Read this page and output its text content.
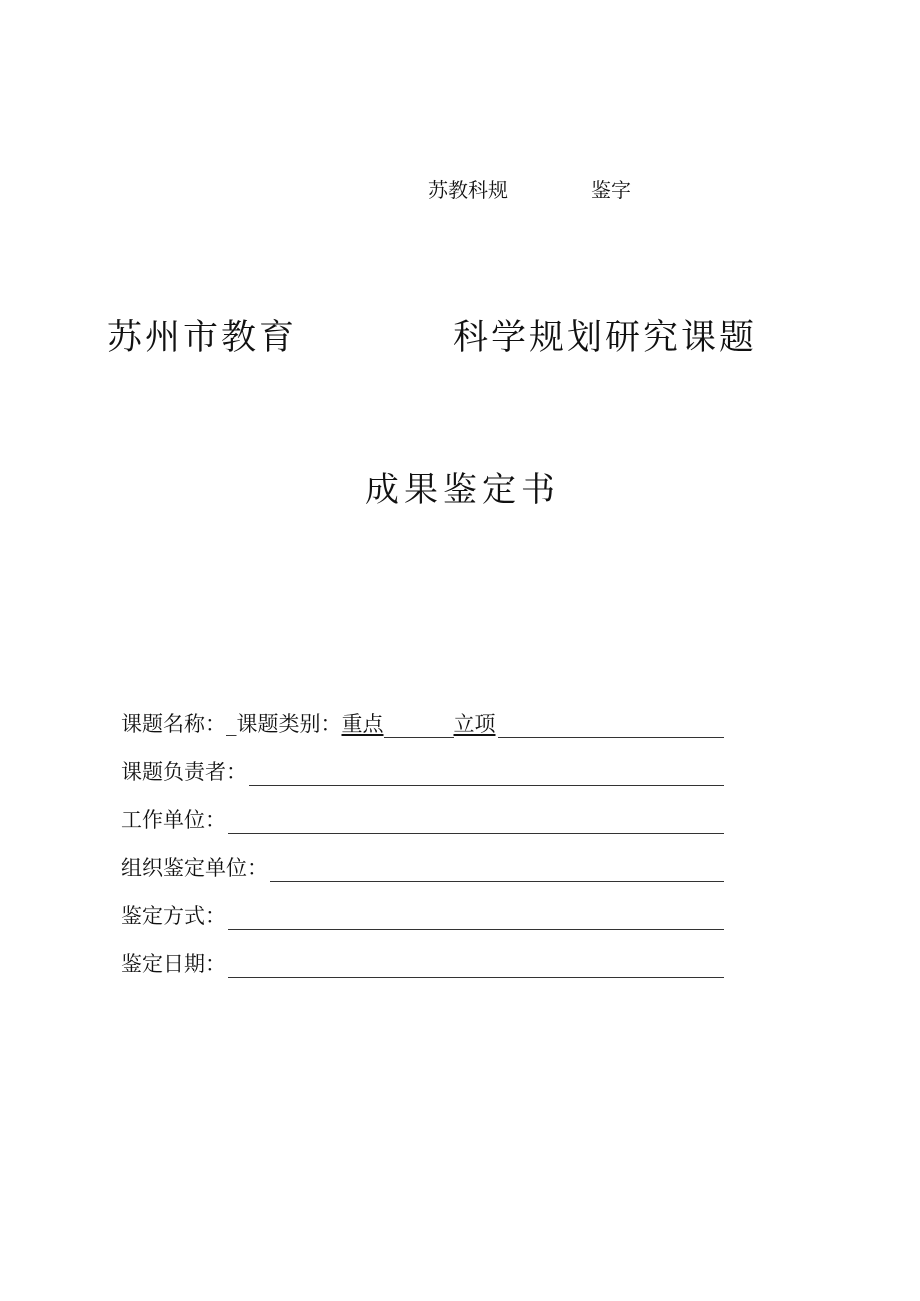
苏教科规	鉴字
苏州市教育	科学规划研究课题
成果鉴定书
课题名称：_ 课题类别： 重点	立项
课题负责者：
工作单位：
组织鉴定单位：
鉴定方式：
鉴定日期：
